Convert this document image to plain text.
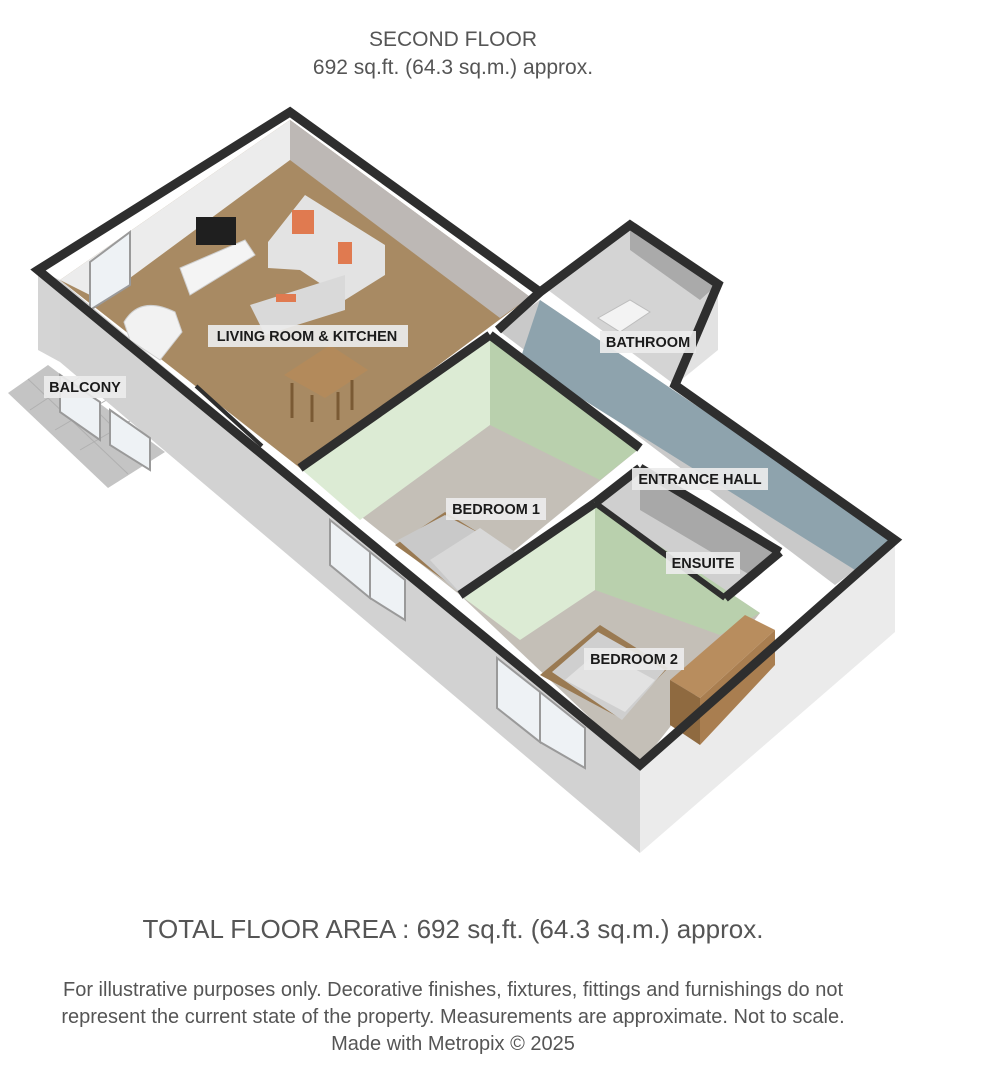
SECOND FLOOR
692 sq.ft. (64.3 sq.m.) approx.
LIVING ROOM & KITCHEN
BALCONY
BATHROOM
ENTRANCE HALL
BEDROOM 1
ENSUITE
BEDROOM 2
TOTAL FLOOR AREA : 692 sq.ft. (64.3 sq.m.) approx.
For illustrative purposes only. Decorative finishes, fixtures, fittings and furnishings do not
represent the current state of the property. Measurements are approximate. Not to scale.
Made with Metropix © 2025
